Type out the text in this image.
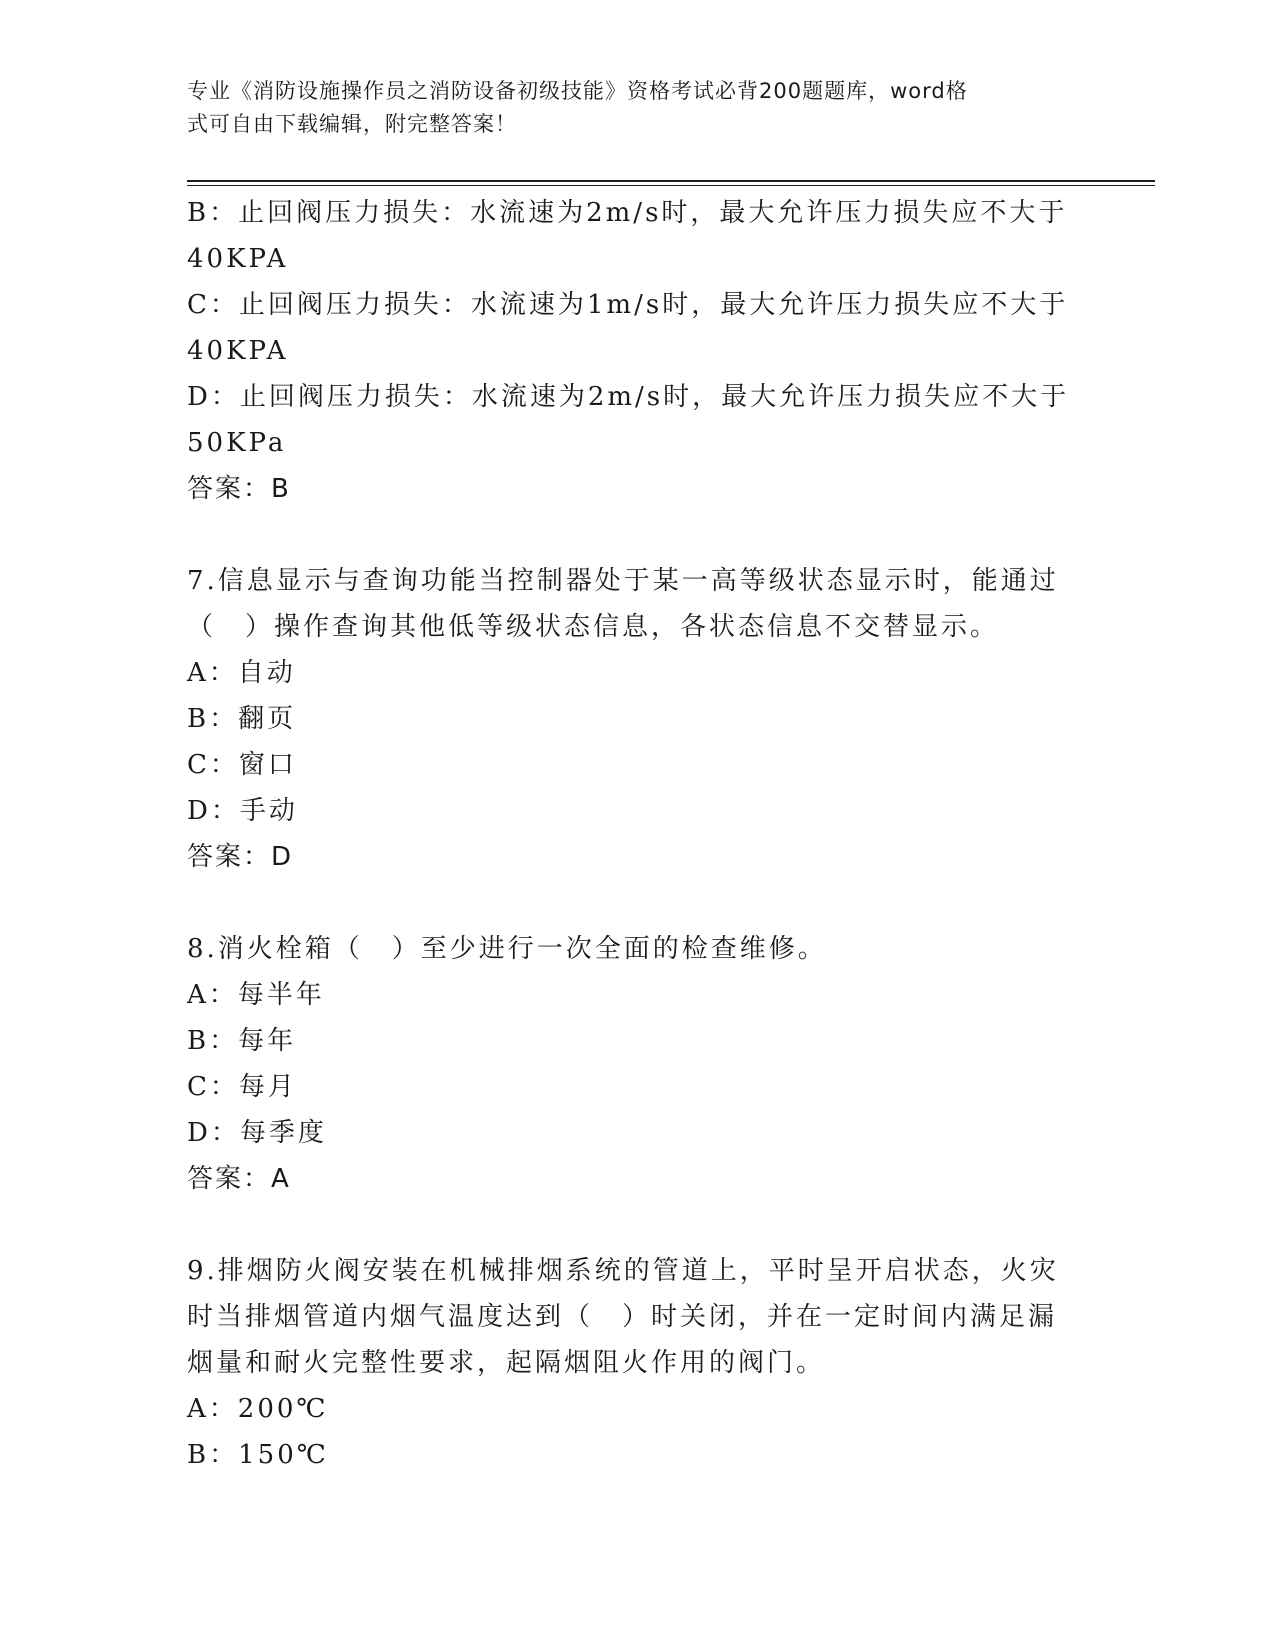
专业《消防设施操作员之消防设备初级技能》资格考试必背200题题库，word格
式可自由下载编辑，附完整答案！
B：止回阀压力损失：水流速为2m/s时，最大允许压力损失应不大于
40KPA
C：止回阀压力损失：水流速为1m/s时，最大允许压力损失应不大于
40KPA
D：止回阀压力损失：水流速为2m/s时，最大允许压力损失应不大于
50KPa
答案：B
7.信息显示与查询功能当控制器处于某一高等级状态显示时，能通过
（　）操作查询其他低等级状态信息，各状态信息不交替显示。
A：自动
B：翻页
C：窗口
D：手动
答案：D
8.消火栓箱（　）至少进行一次全面的检查维修。
A：每半年
B：每年
C：每月
D：每季度
答案：A
9.排烟防火阀安装在机械排烟系统的管道上，平时呈开启状态，火灾
时当排烟管道内烟气温度达到（　）时关闭，并在一定时间内满足漏
烟量和耐火完整性要求，起隔烟阻火作用的阀门。
A：200℃
B：150℃
